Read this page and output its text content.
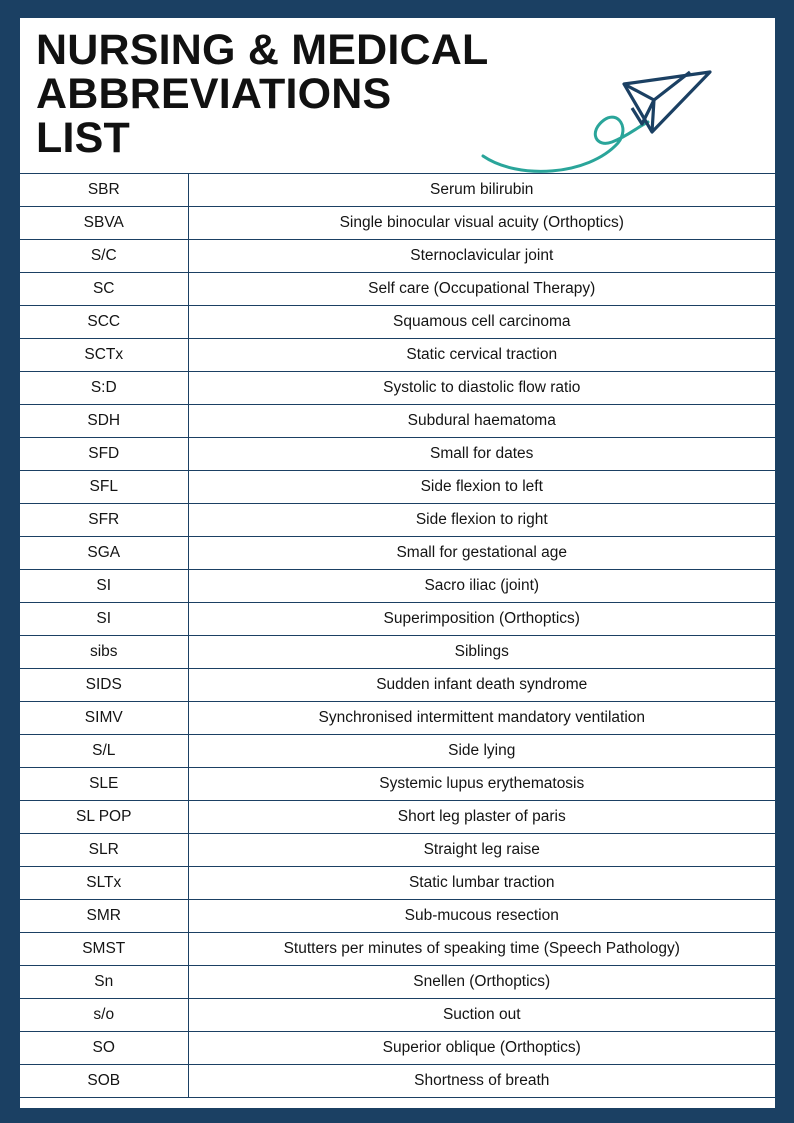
NURSING & MEDICAL
ABBREVIATIONS
LIST
SBR	Serum bilirubin
SBVA	Single binocular visual acuity (Orthoptics)
S/C	Sternoclavicular joint
SC	Self care (Occupational Therapy)
SCC	Squamous cell carcinoma
SCTx	Static cervical traction
S:D	Systolic to diastolic flow ratio
SDH	Subdural haematoma
SFD	Small for dates
SFL	Side flexion to left
SFR	Side flexion to right
SGA	Small for gestational age
SI	Sacro iliac (joint)
SI	Superimposition (Orthoptics)
sibs	Siblings
SIDS	Sudden infant death syndrome
SIMV	Synchronised intermittent mandatory ventilation
S/L	Side lying
SLE	Systemic lupus erythematosis
SL POP	Short leg plaster of paris
SLR	Straight leg raise
SLTx	Static lumbar traction
SMR	Sub-mucous resection
SMST	Stutters per minutes of speaking time (Speech Pathology)
Sn	Snellen (Orthoptics)
s/o	Suction out
SO	Superior oblique (Orthoptics)
SOB	Shortness of breath
